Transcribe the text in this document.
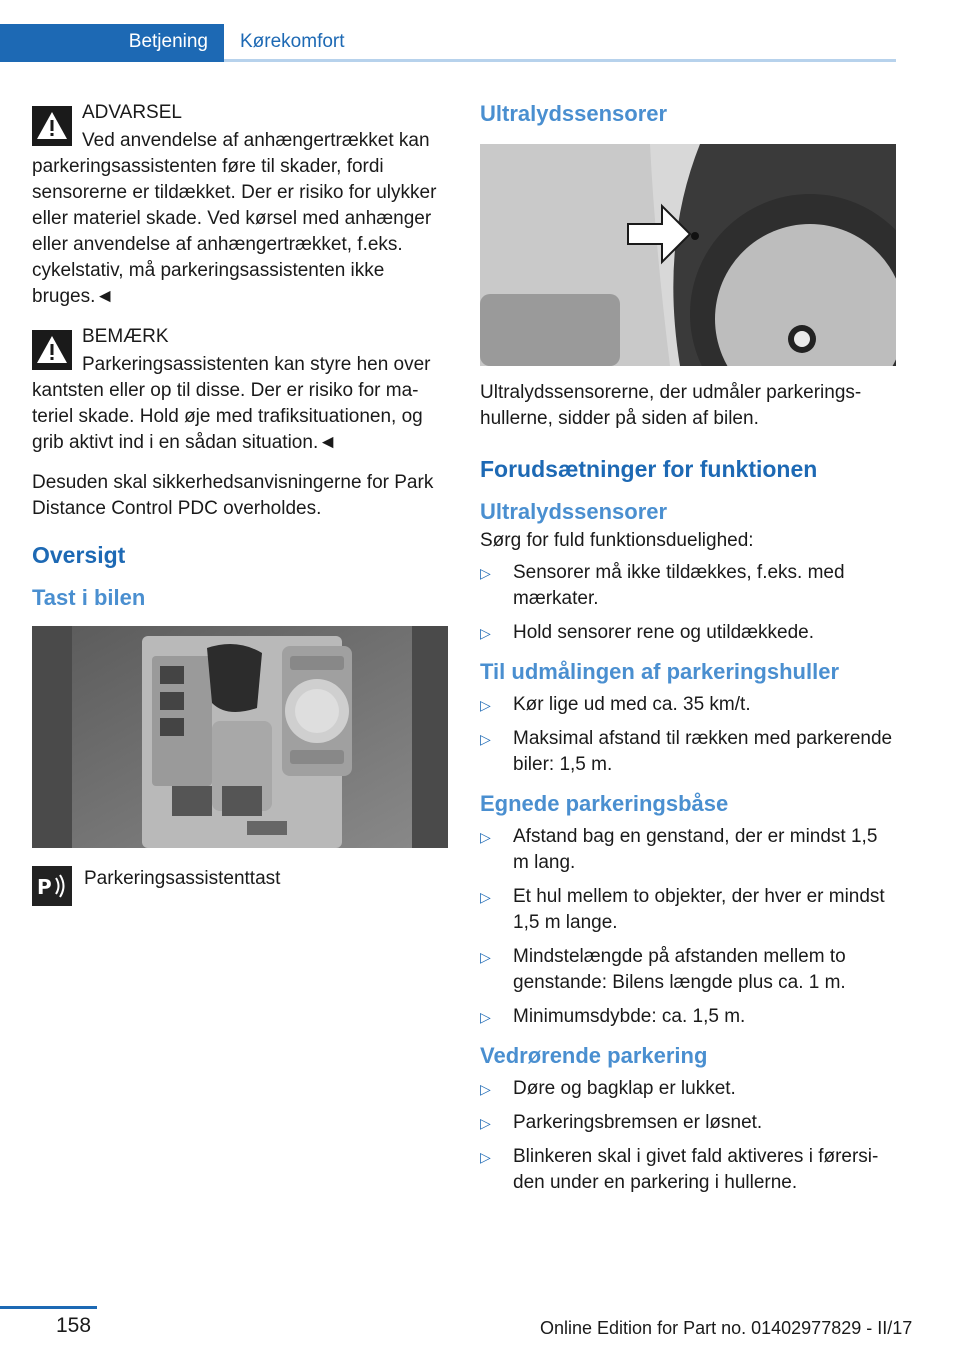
Betjening Kørekomfort
ADVARSEL
Ved anvendelse af anhængertrækket kan
parkeringsassistenten føre til skader, fordi sensorerne er tildækket. Der er risiko for ulykker eller materiel skade. Ved kørsel med anhænger eller anvendelse af anhængertrækket, f.eks. cykelstativ, må parkeringsassistenten ikke bruges.◄
BEMÆRK
Parkeringsassistenten kan styre hen over
kantsten eller op til disse. Der er risiko for materiel skade. Hold øje med trafiksituationen, og grib aktivt ind i en sådan situation.◄

Desuden skal sikkerhedsanvisningerne for Park Distance Control PDC overholdes.

Oversigt
Tast i bilen
P Parkeringsassistenttast
Ultralydssensorer

Ultralydssensorerne, der udmåler parkeringshullerne, sidder på siden af bilen.

Forudsætninger for funktionen
Ultralydssensorer

Sørg for fuld funktionsduelighed:

▷ Sensorer må ikke tildækkes, f.eks. med mærkater.
▷ Hold sensorer rene og utildækkede.
Til udmålingen af parkeringshuller
▷ Kør lige ud med ca. 35 km/t.
▷ Maksimal afstand til rækken med parkerende biler: 1,5 m.
Egnede parkeringsbåse
▷ Afstand bag en genstand, der er mindst 1,5 m lang.
▷ Et hul mellem to objekter, der hver er mindst 1,5 m lange.
▷ Mindstelængde på afstanden mellem to genstande: Bilens længde plus ca. 1 m.
▷ Minimumsdybde: ca. 1,5 m.
Vedrørende parkering
▷ Døre og bagklap er lukket.
▷ Parkeringsbremsen er løsnet.
▷ Blinkeren skal i givet fald aktiveres i førersiden under en parkering i hullerne.
158	Online Edition for Part no. 01402977829 - II/17
